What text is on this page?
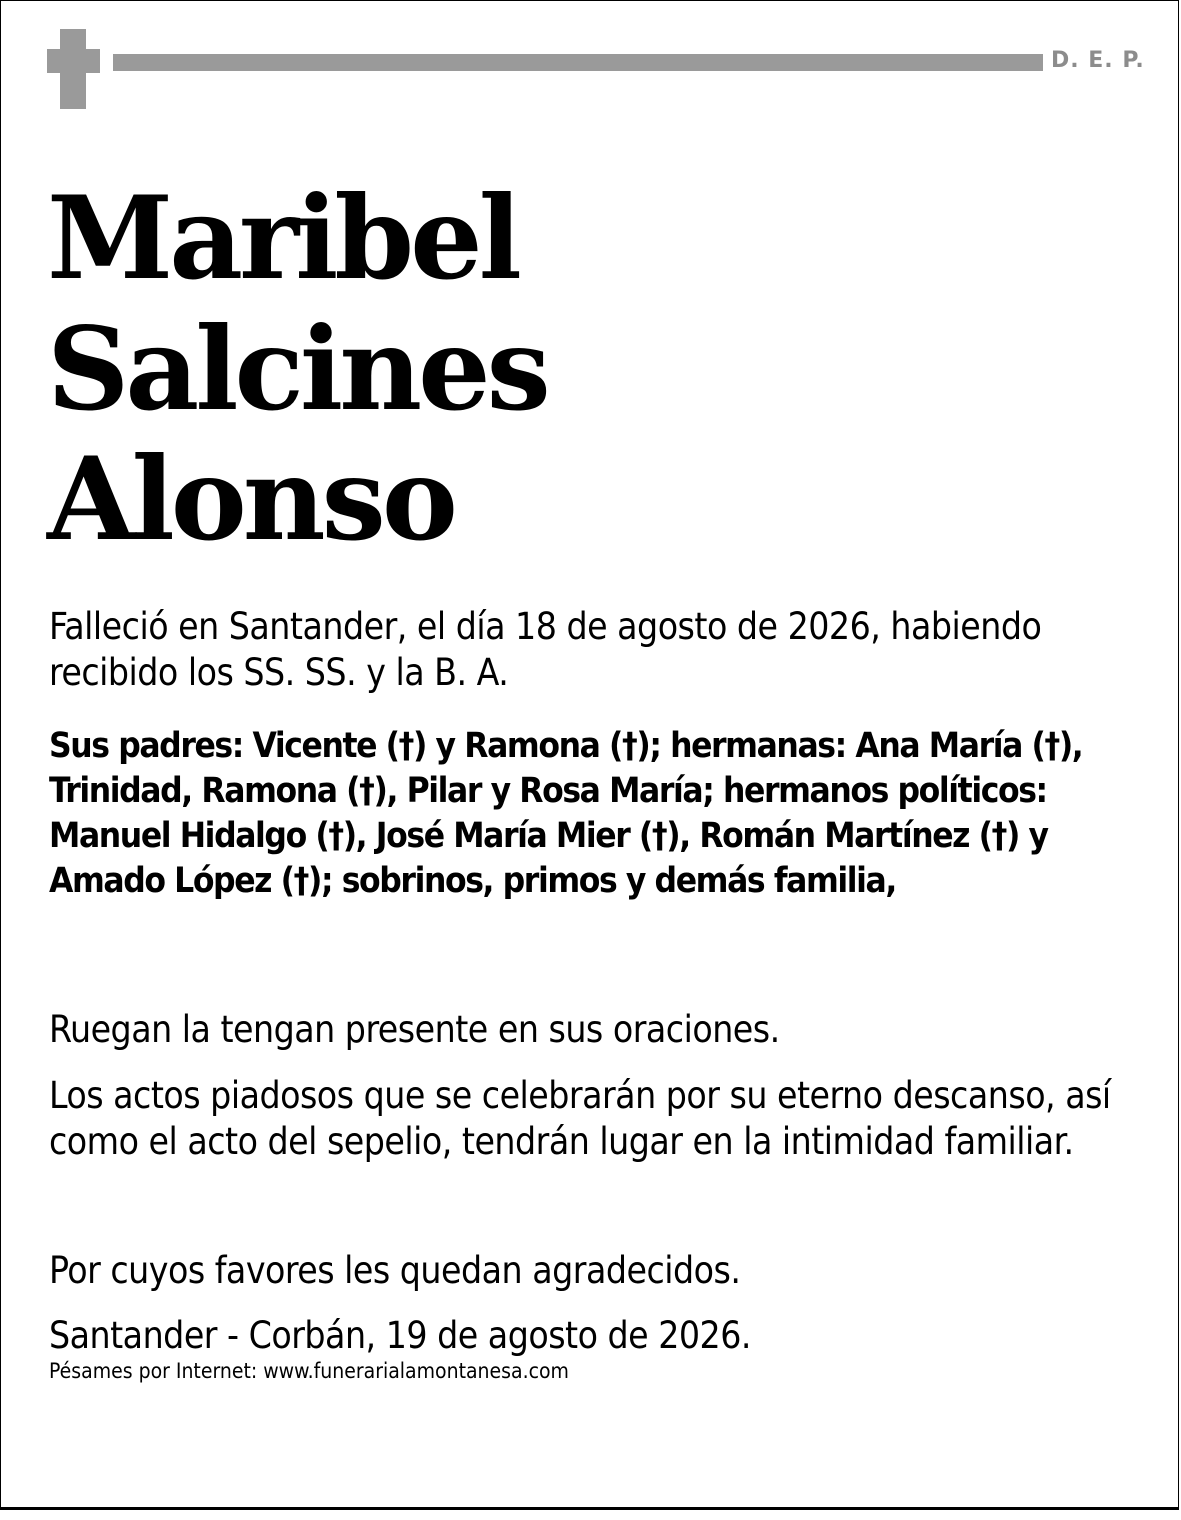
D. E. P.
Maribel
Salcines
Alonso

Falleció en Santander, el día 18 de agosto de 2026, habiendo recibido los SS. SS. y la B. A.

Sus padres: Vicente (†) y Ramona (†); hermanas: Ana María (†), Trinidad, Ramona (†), Pilar y Rosa María; hermanos políticos: Manuel Hidalgo (†), José María Mier (†), Román Martínez (†) y Amado López (†); sobrinos, primos y demás familia,

Ruegan la tengan presente en sus oraciones.

Los actos piadosos que se celebrarán por su eterno descanso, así como el acto del sepelio, tendrán lugar en la intimidad familiar.

Por cuyos favores les quedan agradecidos.

Santander - Corbán, 19 de agosto de 2026.

Pésames por Internet: www.funerarialamontanesa.com
